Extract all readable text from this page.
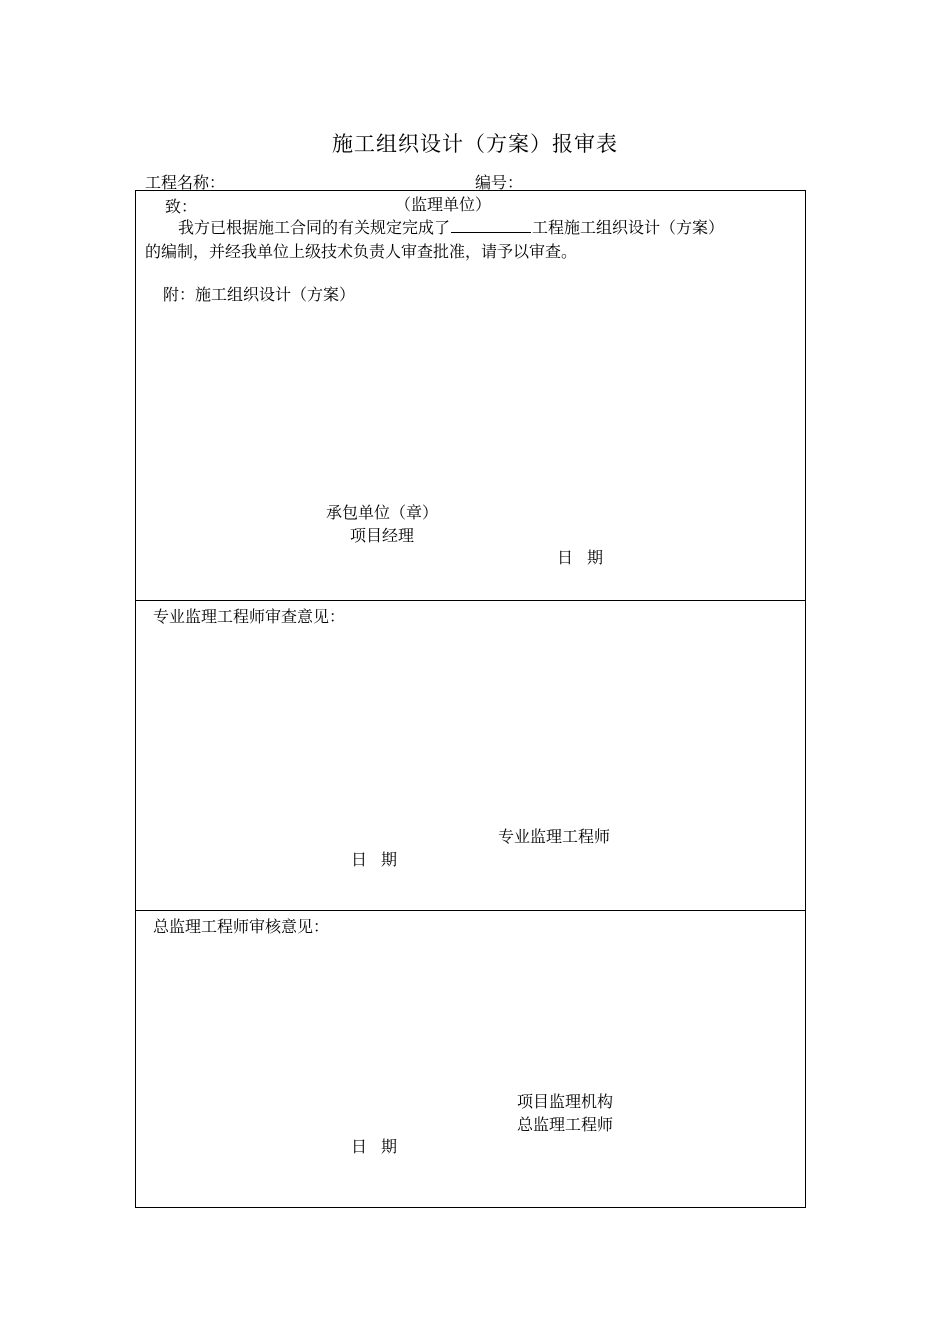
施工组织设计（方案）报审表
工程名称：	编号：
致：	（监理单位）
我方已根据施工合同的有关规定完成了	工程施工组织设计（方案）
的编制，并经我单位上级技术负责人审查批准，请予以审查。
附：施工组织设计（方案）
承包单位（章）
项目经理
日期
专业监理工程师审查意见：
专业监理工程师
日期
总监理工程师审核意见：
项目监理机构
总监理工程师
日期
